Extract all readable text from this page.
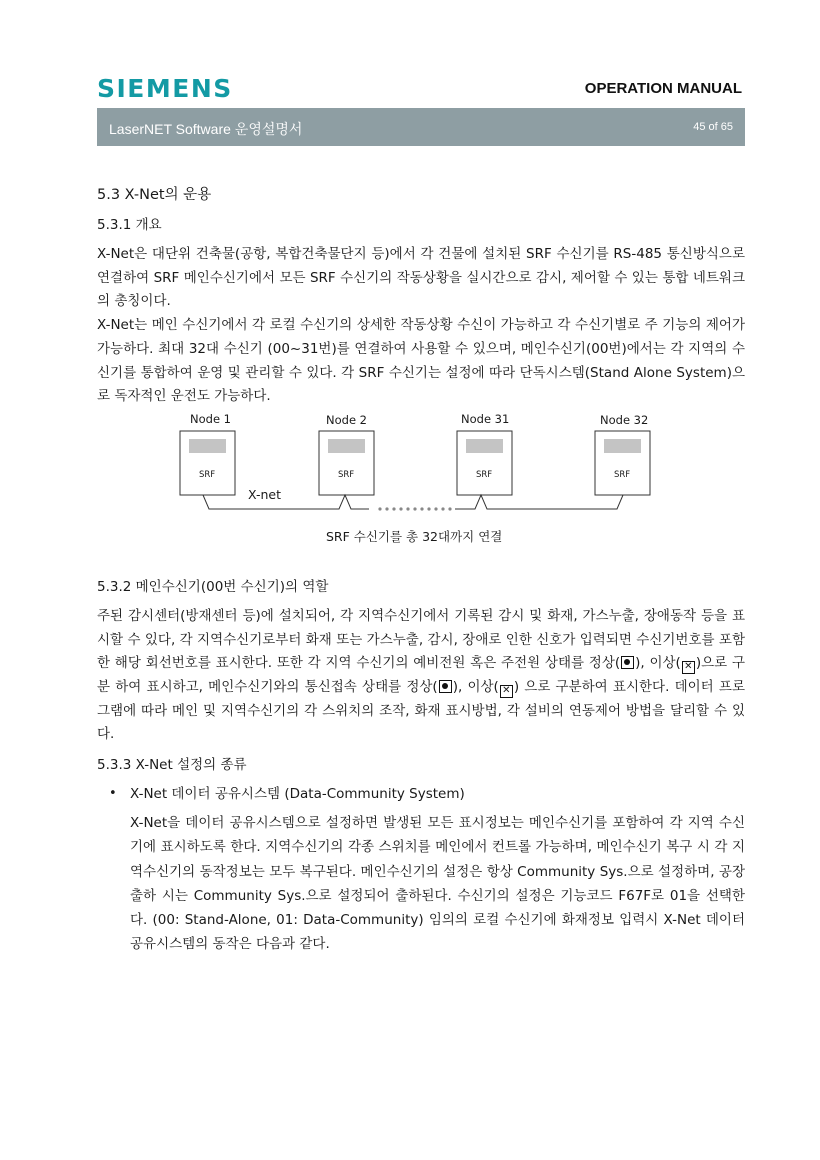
SIEMENS	OPERATION MANUAL
LaserNET Software 운영설명서	45 of 65
5.3 X-Net의 운용
5.3.1 개요

X-Net은 대단위 건축물(공항, 복합건축물단지 등)에서 각 건물에 설치된 SRF 수신기를 RS-485 통신방식으로 연결하여 SRF 메인수신기에서 모든 SRF 수신기의 작동상황을 실시간으로 감시, 제어할 수 있는 통합 네트워크의 총칭이다.

X-Net는 메인 수신기에서 각 로컬 수신기의 상세한 작동상황 수신이 가능하고 각 수신기별로 주 기능의 제어가 가능하다. 최대 32대 수신기 (00~31번)를 연결하여 사용할 수 있으며, 메인수신기(00번)에서는 각 지역의 수신기를 통합하여 운영 및 관리할 수 있다. 각 SRF 수신기는 설정에 따라 단독시스템(Stand Alone System)으로 독자적인 운전도 가능하다.

Node 1	Node 2	Node 31	Node 32
SRF	SRF	SRF	SRF
X-net
SRF 수신기를 총 32대까지 연결
5.3.2 메인수신기(00번 수신기)의 역할

주된 감시센터(방재센터 등)에 설치되어, 각 지역수신기에서 기록된 감시 및 화재, 가스누출, 장애동작 등을 표시할 수 있다, 각 지역수신기로부터 화재 또는 가스누출, 감시, 장애로 인한 신호가 입력되면 수신기번호를 포함한 해당 회선번호를 표시한다. 또한 각 지역 수신기의 예비전원 혹은 주전원 상태를 정상( ), 이상( ✕ )으로 구분 하여 표시하고, 메인수신기와의 통신접속 상태를 정상( ), 이상( ✕ ) 으로 구분하여 표시한다. 데이터 프로그램에 따라 메인 및 지역수신기의 각 스위치의 조작, 화재 표시방법, 각 설비의 연동제어 방법을 달리할 수 있다.

5.3.3 X-Net 설정의 종류
• X-Net 데이터 공유시스템 (Data-Community System)

X-Net을 데이터 공유시스템으로 설정하면 발생된 모든 표시정보는 메인수신기를 포함하여 각 지역 수신기에 표시하도록 한다. 지역수신기의 각종 스위치를 메인에서 컨트롤 가능하며, 메인수신기 복구 시 각 지역수신기의 동작정보는 모두 복구된다. 메인수신기의 설정은 항상 Community Sys.으로 설정하며, 공장출하 시는 Community Sys.으로 설정되어 출하된다. 수신기의 설정은 기능코드 F67F로 01을 선택한다. (00: Stand-Alone, 01: Data-Community) 임의의 로컬 수신기에 화재정보 입력시 X-Net 데이터 공유시스템의 동작은 다음과 같다.
